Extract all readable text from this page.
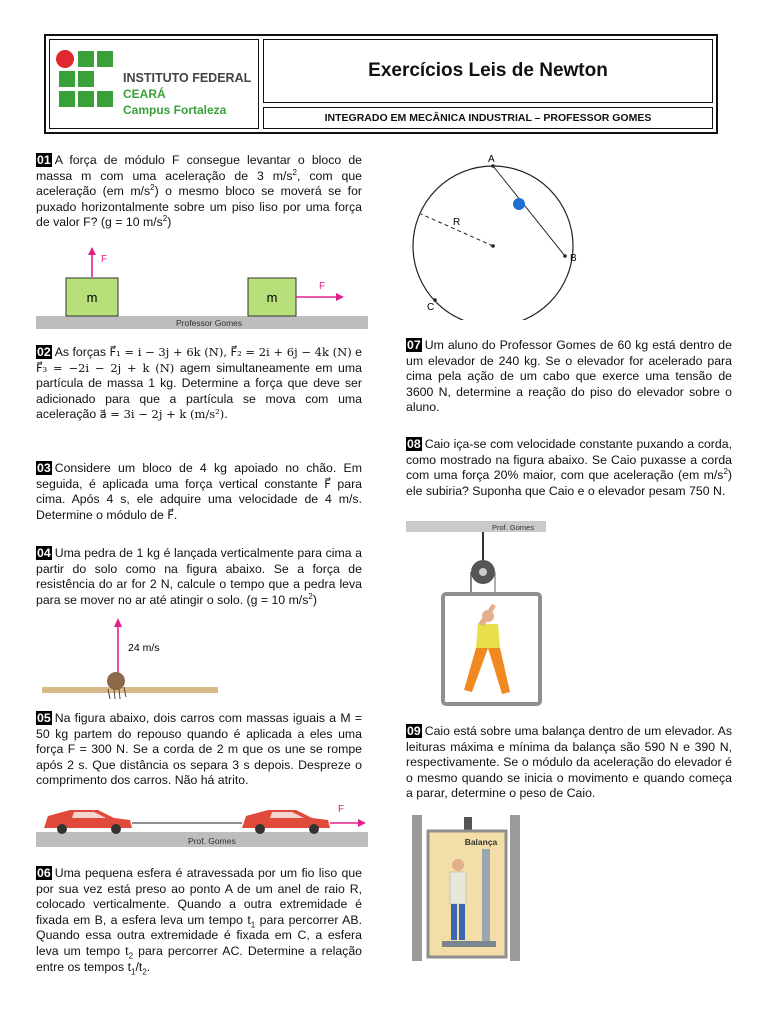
INSTITUTO FEDERAL
CEARÁ
Campus Fortaleza
Exercícios Leis de Newton
INTEGRADO EM MECÂNICA INDUSTRIAL – PROFESSOR GOMES
01 A força de módulo F consegue levantar o bloco de massa m com uma aceleração de 3 $m/s^2$, com que aceleração (em $m/s^2$) o mesmo bloco se moverá se for puxado horizontalmente sobre um piso liso por uma força de valor F? (g = 10 $m/s^2$)
m
F
m
F
Professor Gomes
02 As forças F⃗₁ = i − 3j + 6k (N), F⃗₂ = 2i + 6j − 4k (N) e F⃗₃ = −2i − 2j + k (N) agem simultaneamente em uma partícula de massa 1 kg. Determine a força que deve ser adicionado para que a partícula se mova com uma aceleração a⃗ = 3i − 2j + k (m/s²).
03 Considere um bloco de 4 kg apoiado no chão. Em seguida, é aplicada uma força vertical constante F⃗ para cima. Após 4 s, ele adquire uma velocidade de 4 m/s. Determine o módulo de F⃗.
04 Uma pedra de 1 kg é lançada verticalmente para cima a partir do solo como na figura abaixo. Se a força de resistência do ar for 2 N, calcule o tempo que a pedra leva para se mover no ar até atingir o solo. (g = 10 $m/s^2$)
24 m/s
05 Na figura abaixo, dois carros com massas iguais a M = 50 kg partem do repouso quando é aplicada a eles uma força F = 300 N. Se a corda de 2 m que os une se rompe após 2 s. Que distância os separa 3 s depois. Despreze o comprimento dos carros. Não há atrito.
F
Prof. Gomes
06 Uma pequena esfera é atravessada por um fio liso que por sua vez está preso ao ponto A de um anel de raio R, colocado verticalmente. Quando a outra extremidade é fixada em B, a esfera leva um tempo $t_1$ para percorrer AB. Quando essa outra extremidade é fixada em C, a esfera leva um tempo $t_2$ para percorrer AC. Determine a relação entre os tempos $t_1/t_2$.
R
A
B
C
07 Um aluno do Professor Gomes de 60 kg está dentro de um elevador de 240 kg. Se o elevador for acelerado para cima pela ação de um cabo que exerce uma tensão de 3600 N, determine a reação do piso do elevador sobre o aluno.
08 Caio iça-se com velocidade constante puxando a corda, como mostrado na figura abaixo. Se Caio puxasse a corda com uma força 20% maior, com que aceleração (em $m/s^2$) ele subiria? Suponha que Caio e o elevador pesam 750 N.
Prof. Gomes
09 Caio está sobre uma balança dentro de um elevador. As leituras máxima e mínima da balança são 590 N e 390 N, respectivamente. Se o módulo da aceleração do elevador é o mesmo quando se inicia o movimento e quando começa a parar, determine o peso de Caio.
Balança
